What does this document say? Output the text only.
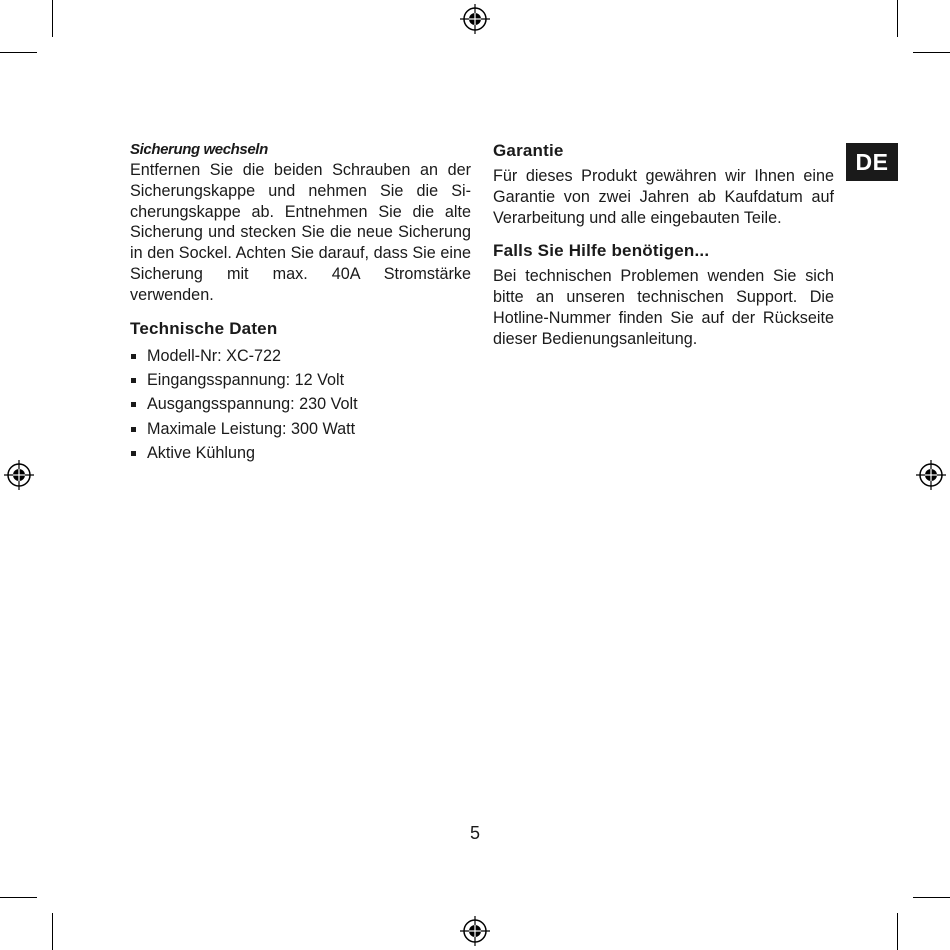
Sicherung wechseln

Entfernen Sie die beiden Schrauben an der Sicherungskappe und nehmen Sie die Sicherungskappe ab. Entnehmen Sie die alte Sicherung und stecken Sie die neue Sicherung in den Sockel. Achten Sie darauf, dass Sie eine Sicherung mit max. 40A Stromstärke verwenden.

Technische Daten
Modell-Nr: XC-722
Eingangsspannung: 12 Volt
Ausgangsspannung: 230 Volt
Maximale Leistung: 300 Watt
Aktive Kühlung
Garantie

Für dieses Produkt gewähren wir Ihnen eine Garantie von zwei Jahren ab Kaufdatum auf Verarbeitung und alle eingebauten Teile.

Falls Sie Hilfe benötigen...

Bei technischen Problemen wenden Sie sich bitte an unseren technischen Support. Die Hotline-Nummer finden Sie auf der Rückseite dieser Bedienungsanleitung.

DE
5
